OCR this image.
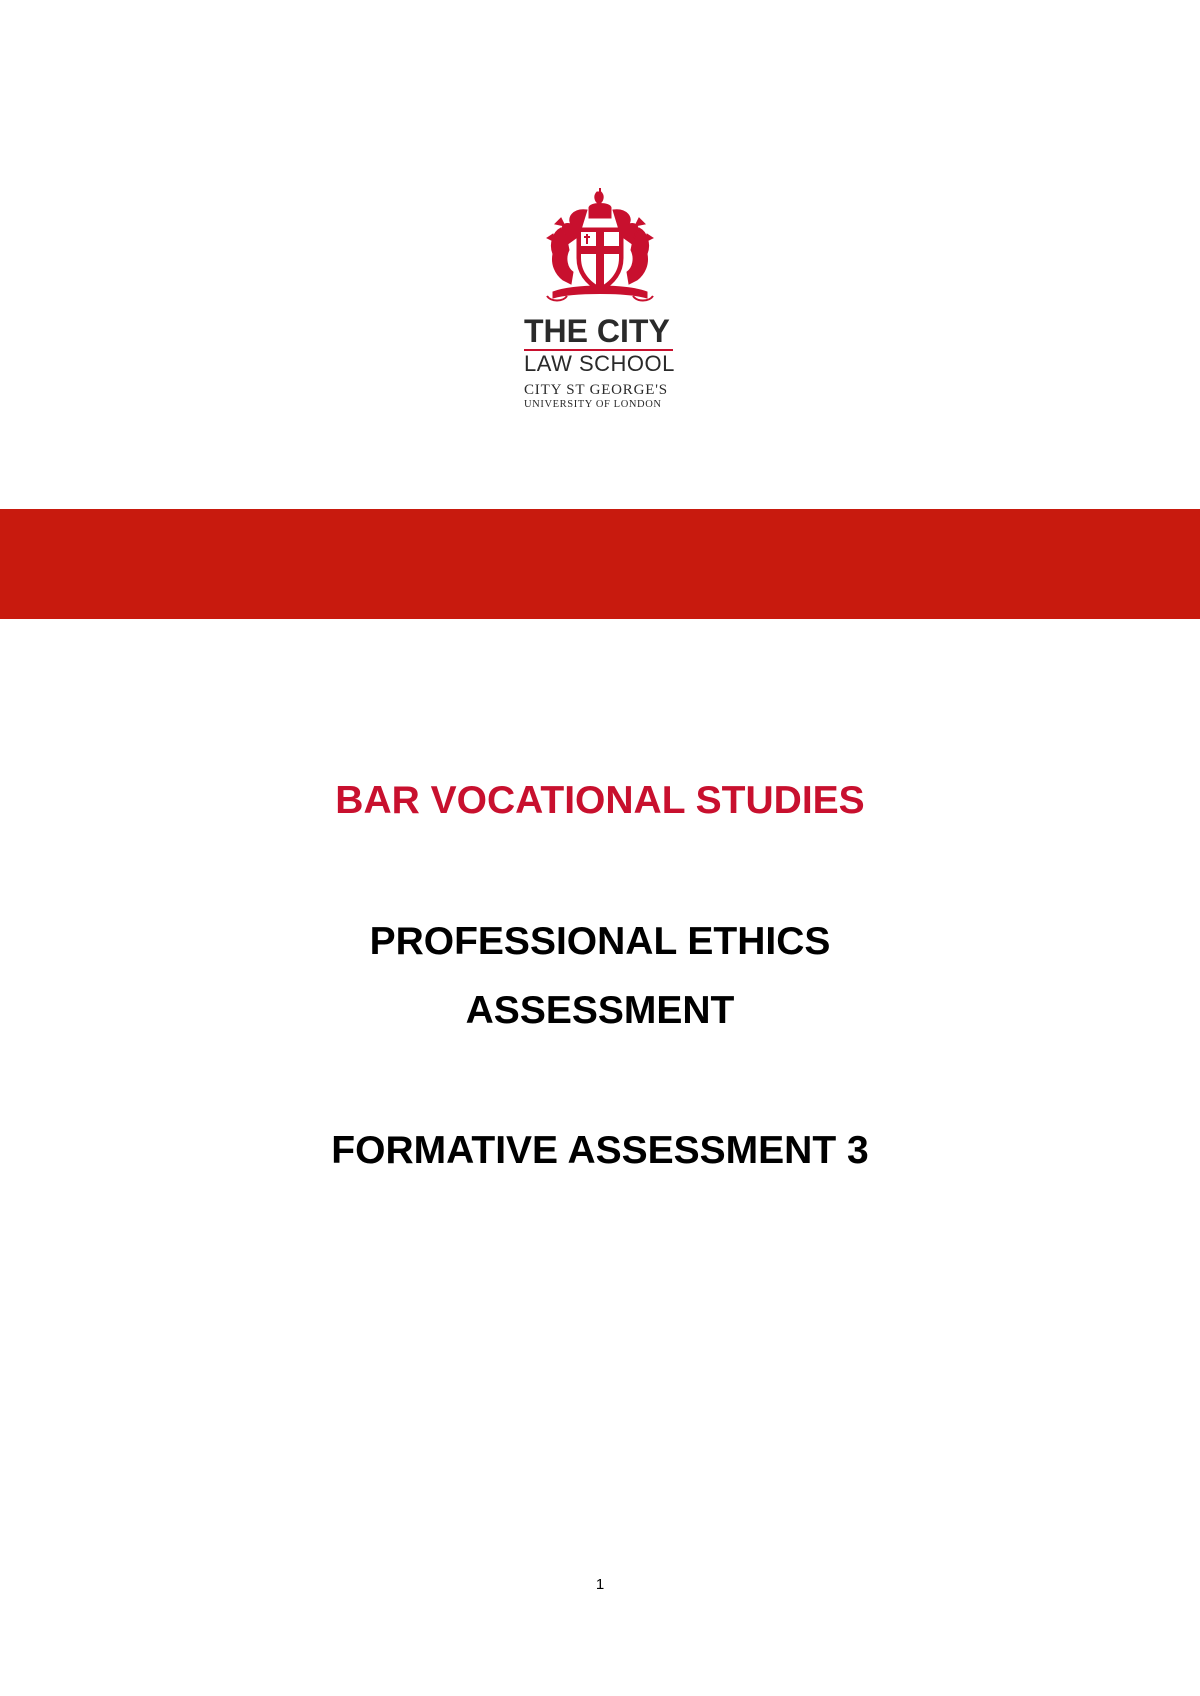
THE CITY
LAW SCHOOL
CITY ST GEORGE'S
UNIVERSITY OF LONDON
BAR VOCATIONAL STUDIES
PROFESSIONAL ETHICS
ASSESSMENT
FORMATIVE ASSESSMENT 3
1
